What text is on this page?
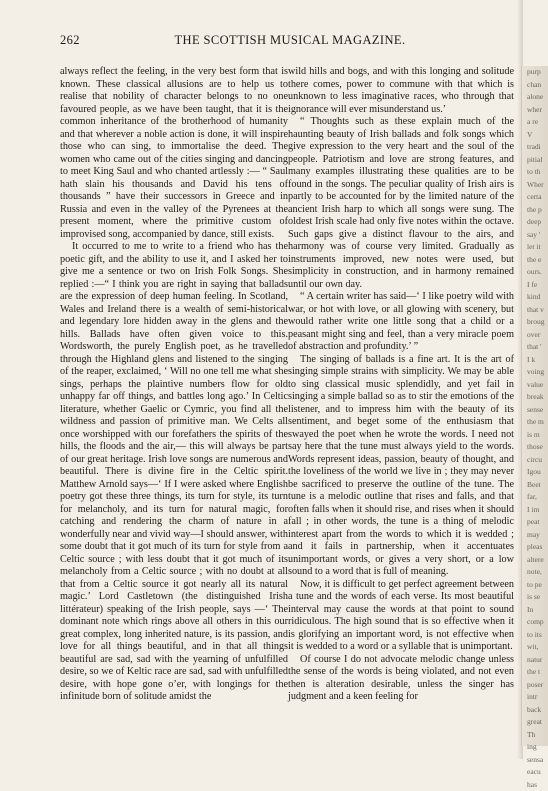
262	THE SCOTTISH MUSICAL MAGAZINE.

always reflect the feeling, in the very best form that is known. These classical allusions are to help us to realise that nobility of character belongs to no one favoured people, as we have been taught, that it is the common inheritance of the brotherhood of humanity and that wherever a noble action is done, it will inspire those who can sing, to immortalise the deed. The women who came out of the cities singing and dancing to meet King Saul and who chanted artlessly :— “ Saul hath slain his thousands and David his tens of thousands ” have their successors in Greece and in Russia and even in the valley of the Pyrenees at the present moment, where the primitive custom of improvised song, accompanied by dance, still exists.

It occurred to me to write to a friend who has the poetic gift, and the ability to use it, and I asked her to give me a sentence or two on Irish Folk Songs. She replied :—“ I think you are right in saying that ballads are the expression of deep human feeling. In Scotland, Wales and Ireland there is a wealth of semi-historical and legendary lore hidden away in the glens and the hills. Ballads have often given voice to this. Wordsworth, the purely English poet, as he travelled through the Highland glens and listened to the singing of the reaper, exclaimed, ‘ Will no one tell me what she sings, perhaps the plaintive numbers flow for old unhappy far off things, and battles long ago.’ In Celtic literature, whether Gaelic or Cymric, you find all the wildness and passion of primitive man. We Celts all once worshipped with our forefathers the spirits of the hills, the floods and the air,— this will always be part of our great heritage. Irish love songs are numerous and beautiful. There is divine fire in the Celtic spirit. Matthew Arnold says—‘ If I were asked where English poetry got these three things, its turn for style, its turn for melancholy, and its turn for natural magic, for catching and rendering the charm of nature in a wonderfully near and vivid way—I should answer, with some doubt that it got much of its turn for style from a Celtic source ; with less doubt that it got much of its melancholy from a Celtic source ; with no doubt at all that from a Celtic source it got nearly all its natural magic.’ Lord Castletown (the distinguished Irish littérateur) speaking of the Irish people, says —‘ The dominant note which rings above all others in this our great complex, long inherited nature, is its passion, and love for all things beautiful, and in that all things beautiful are sad, sad with the yearning of unfulfilled desire, so we of Keltic race are sad, sad with unfulfilled desire, with hope gone o’er, with longings for the infinitude born of solitude amidst the

wild hills and bogs, and with this longing and solitude there comes, power to commune with that which is unknown to less imaginative races, who through that ignorance will ever misunderstand us.’

“ Thoughts such as these explain much of the haunting beauty of Irish ballads and folk songs which give expression to the very heart and the soul of the people. Patriotism and love are strong features, and many examples illustrating these qualities are to be found in the songs. The peculiar quality of Irish airs is partly to be accounted for by the limited nature of the ancient Irish harp to which all songs were sung. The oldest Irish scale had only five notes within the octave. Such gaps give a distinct flavour to the airs, and harmony was of course very limited. Gradually as instruments improved, new notes were used, but simplicity in construction, and in harmony remained until our own day.

“ A certain writer has said—‘ I like poetry wild with war, or hot with love, or all glowing with scenery, but would rather write one little song that a child or a peasant might sing and feel, than a very miracle poem of abstraction and profundity.’ ”

The singing of ballads is a fine art. It is the art of singing simple strains with simplicity. We may be able to sing classical music splendidly, and yet fail in singing a simple ballad so as to stir the emotions of the listener, and to impress him with the beauty of its sentiment, and beget some of the enthusiasm that swayed the poet when he wrote the words. I need not say here that the tune must always yield to the words. Words represent ideas, passion, beauty of thought, and the loveliness of the world we live in ; they may never be sacrificed to preserve the outline of the tune. The tune is a melodic outline that rises and falls, and that often falls when it should rise, and rises when it should fall ; in other words, the tune is a thing of melodic interest apart from the words to which it is wedded ; and it fails in partnership, when it accentuates unimportant words, or gives a very short, or a low sound to a word that is full of meaning.

Now, it is difficult to get perfect agreement between a tune and the words of each verse. Its most beautiful interval may cause the words at that point to sound ridiculous. The high sound that is so effective when it is glorifying an important word, is not effective when it is wedded to a word or a syllable that is unimportant.

Of course I do not advocate melodic change unless the sense of the words is being violated, and not even then is alteration desirable, unless the singer has judgment and a keen feeling for

purp
chan
alone
wher
a re
V
tradi
pitial
to th
Wher
certa
the p
deep
say '
let it
the e
ours.
I fe
kind
that v
broug
over
that '
I k
voing
value
break
sense
the m
is m
those
circu
Igou
Beet
far,
I im
peat
may
pleas
altere
note,
to pe
is se
In
comp
to its
wit,
natur
the t
poser
intr
back
great
Th
ing
sensa
eacu
has
